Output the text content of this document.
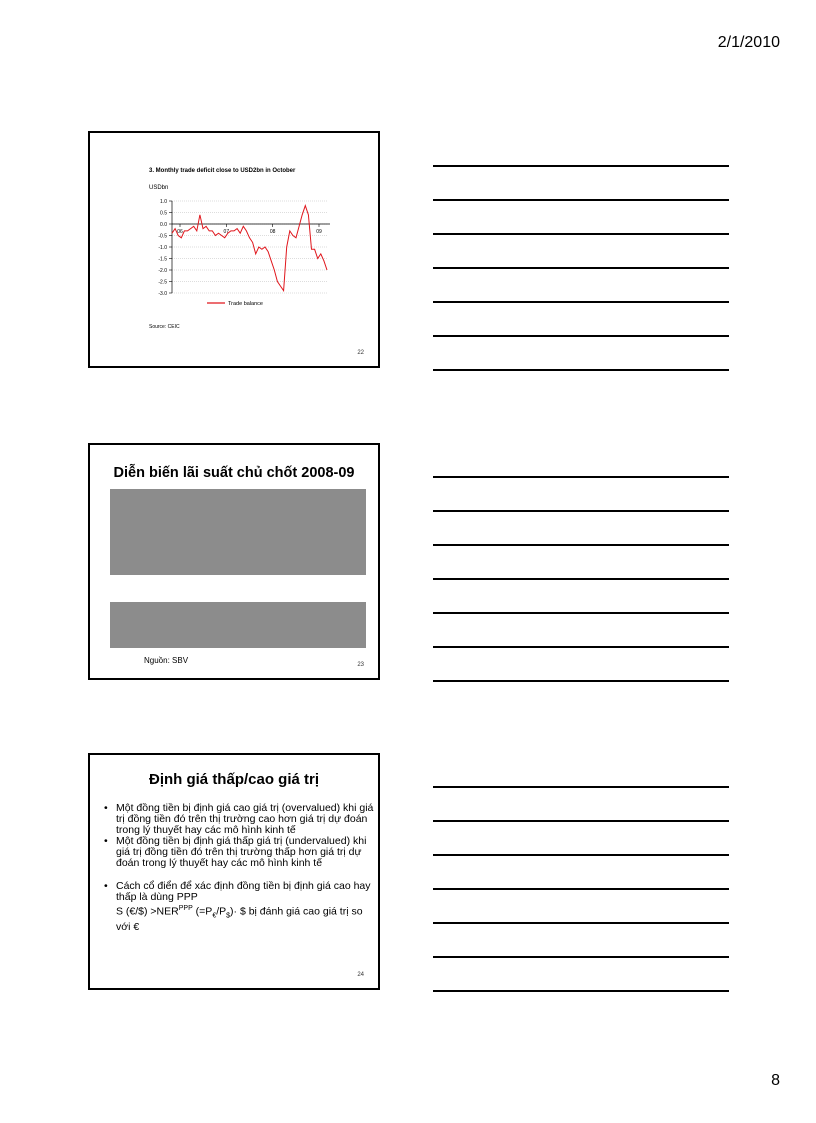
2/1/2010
3. Monthly trade deficit close to USD2bn in October
USDbn
1.0
0.5
0.0
-0.5
-1.0
-1.5
-2.0
-2.5
-3.0
06	07	08	09
Trade balance
Source: CEIC
22
Diễn biến lãi suất chủ chốt 2008-09
Nguồn: SBV	23
Định giá thấp/cao giá trị
• Một đồng tiền bị định giá cao giá trị (overvalued) khi giá trị đồng tiền đó trên thị trường cao hơn giá trị dự đoán trong lý thuyết hay các mô hình kinh tế
• Một đồng tiền bị định giá thấp giá trị (undervalued) khi giá trị đồng tiền đó trên thị trường thấp hơn giá trị dự đoán trong lý thuyết hay các mô hình kinh tế
• Cách cổ điển để xác định đồng tiền bị định giá cao hay thấp là dùng PPP
S (€/$) $>NER^{PPP}$ $(=P_€/P_{\$})\cdot$ $ bị đánh giá cao giá trị so với €
24
8
